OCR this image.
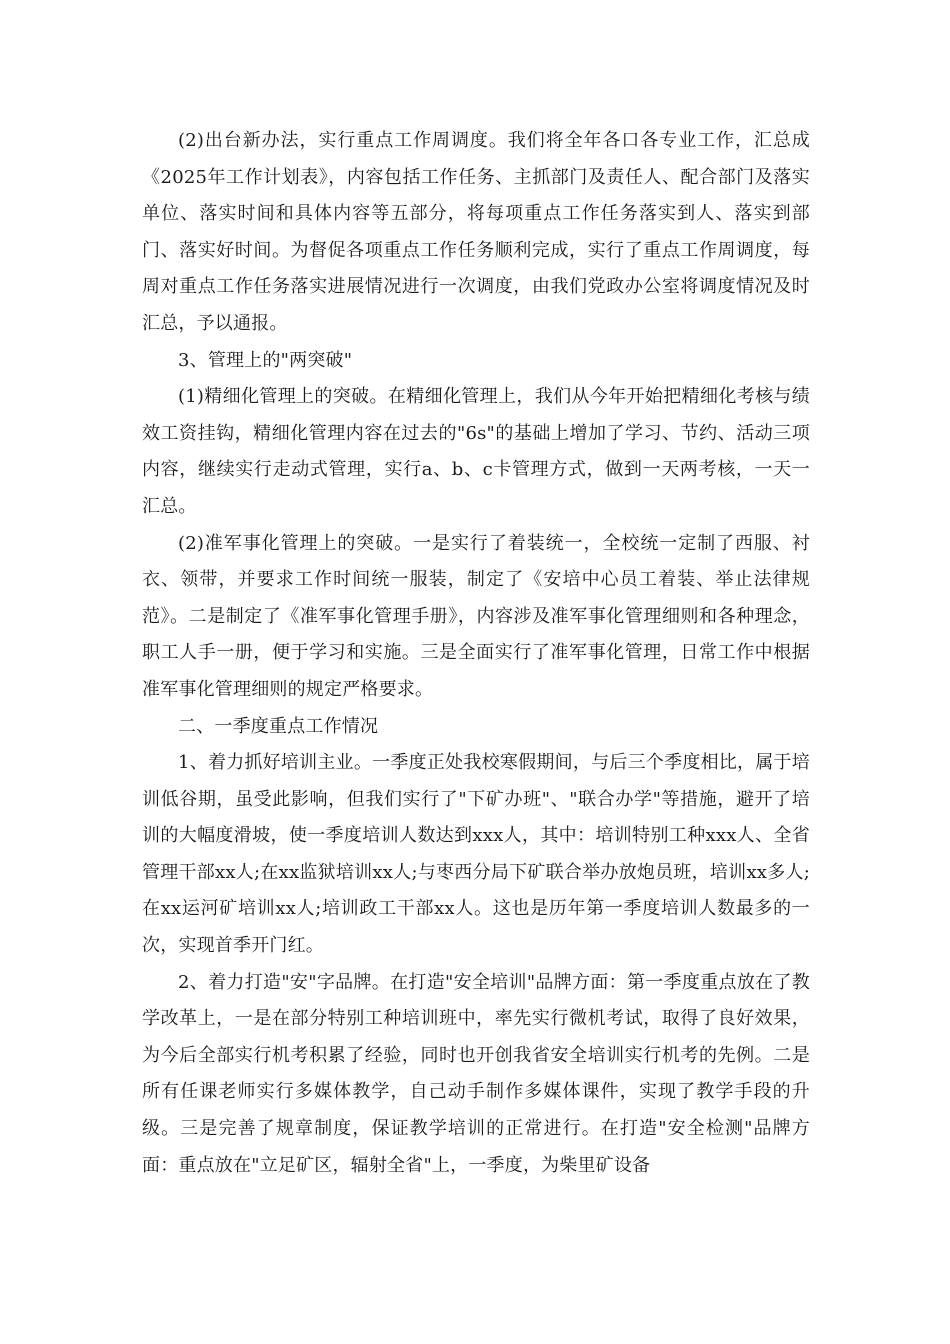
(2)出台新办法，实行重点工作周调度。我们将全年各口各专业工作，汇总成《2025年工作计划表》，内容包括工作任务、主抓部门及责任人、配合部门及落实单位、落实时间和具体内容等五部分，将每项重点工作任务落实到人、落实到部门、落实好时间。为督促各项重点工作任务顺利完成，实行了重点工作周调度，每周对重点工作任务落实进展情况进行一次调度，由我们党政办公室将调度情况及时汇总，予以通报。

3、管理上的"两突破"

(1)精细化管理上的突破。在精细化管理上，我们从今年开始把精细化考核与绩效工资挂钩，精细化管理内容在过去的"6s"的基础上增加了学习、节约、活动三项内容，继续实行走动式管理，实行a、b、c卡管理方式，做到一天两考核，一天一汇总。

(2)准军事化管理上的突破。一是实行了着装统一，全校统一定制了西服、衬衣、领带，并要求工作时间统一服装，制定了《安培中心员工着装、举止法律规范》。二是制定了《准军事化管理手册》，内容涉及准军事化管理细则和各种理念，职工人手一册，便于学习和实施。三是全面实行了准军事化管理，日常工作中根据准军事化管理细则的规定严格要求。

二、一季度重点工作情况

1、着力抓好培训主业。一季度正处我校寒假期间，与后三个季度相比，属于培训低谷期，虽受此影响，但我们实行了"下矿办班"、"联合办学"等措施，避开了培训的大幅度滑坡，使一季度培训人数达到xxx人，其中：培训特别工种xxx人、全省管理干部xx人;在xx监狱培训xx人;与枣西分局下矿联合举办放炮员班，培训xx多人;在xx运河矿培训xx人;培训政工干部xx人。这也是历年第一季度培训人数最多的一次，实现首季开门红。

2、着力打造"安"字品牌。在打造"安全培训"品牌方面：第一季度重点放在了教学改革上，一是在部分特别工种培训班中，率先实行微机考试，取得了良好效果，为今后全部实行机考积累了经验，同时也开创我省安全培训实行机考的先例。二是所有任课老师实行多媒体教学，自己动手制作多媒体课件，实现了教学手段的升级。三是完善了规章制度，保证教学培训的正常进行。在打造"安全检测"品牌方面：重点放在"立足矿区，辐射全省"上，一季度，为柴里矿设备
